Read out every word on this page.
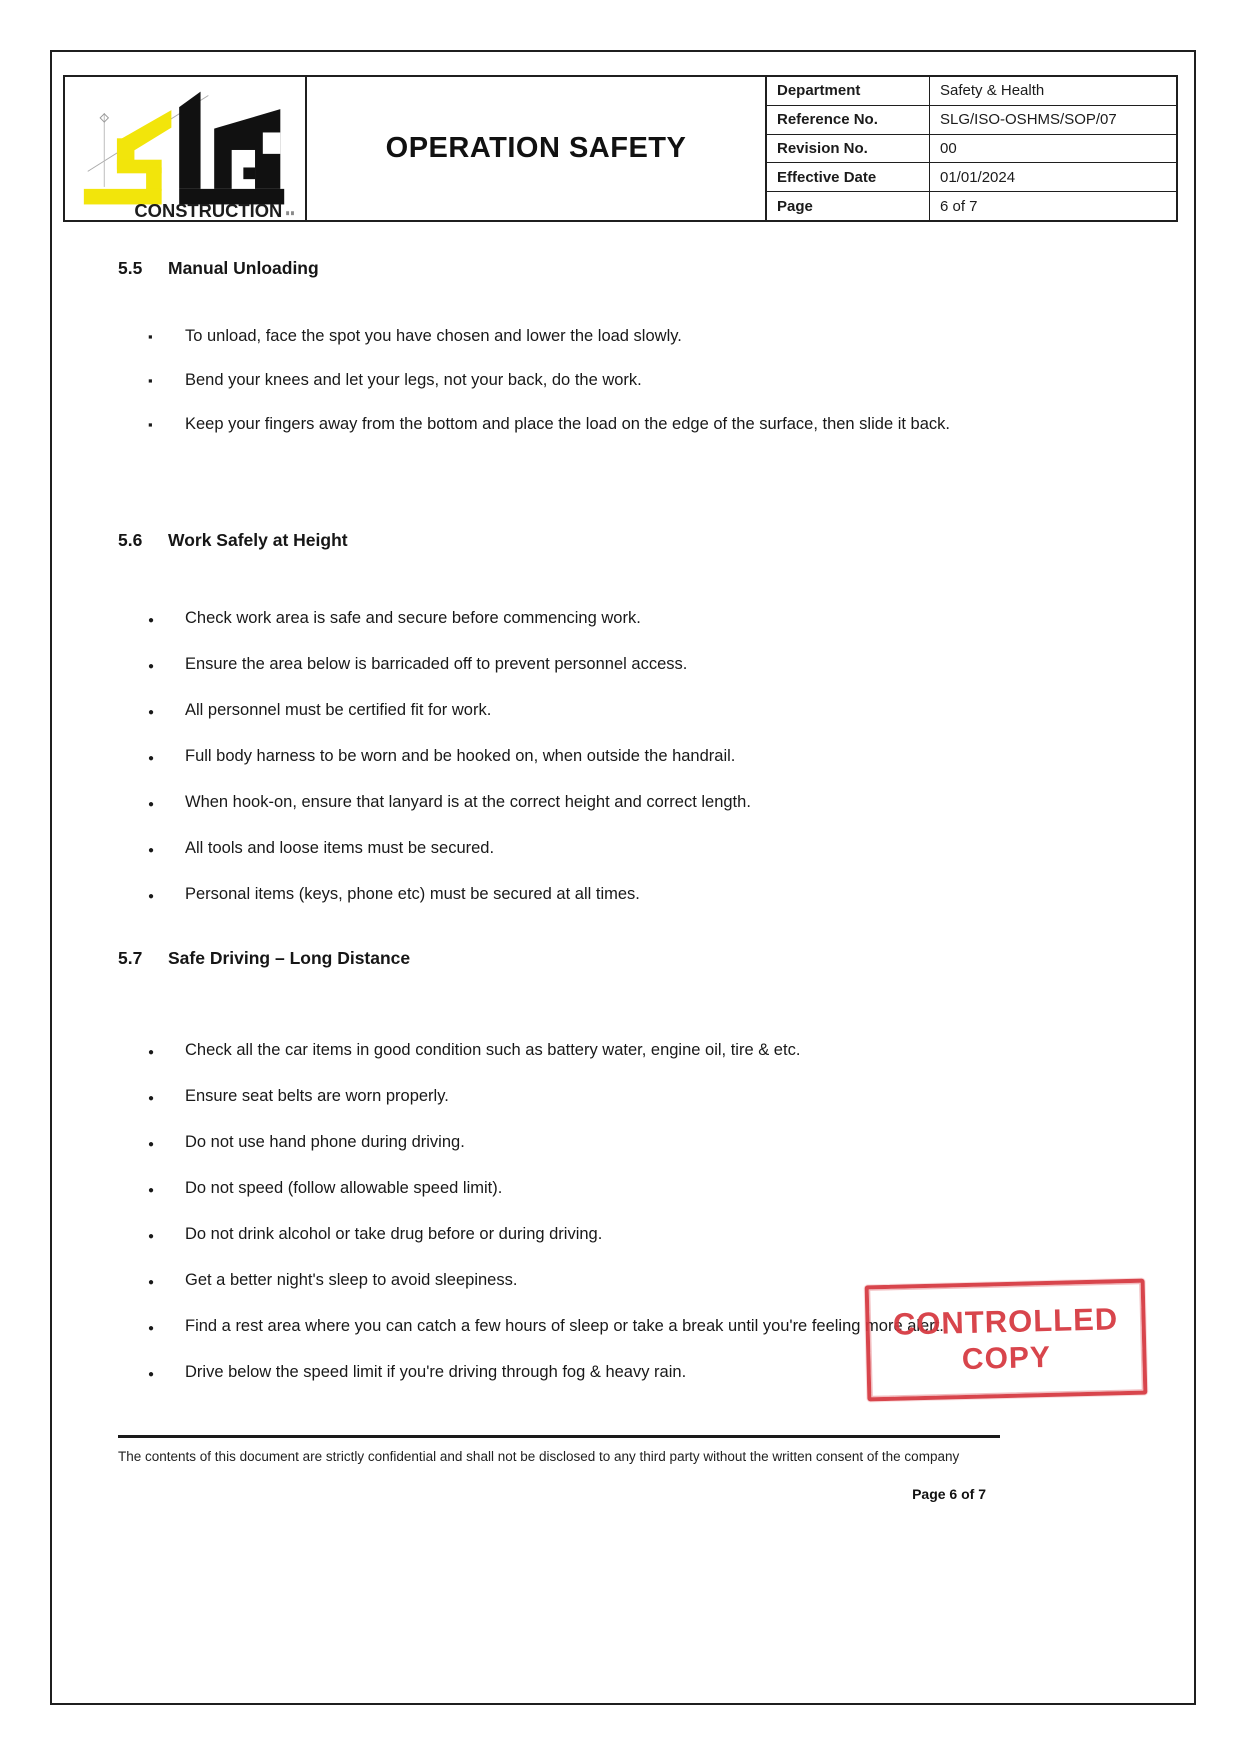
CONSTRUCTION
OPERATION SAFETY
Department	Safety & Health
Reference No.	SLG/ISO-OSHMS/SOP/07
Revision No.	00
Effective Date	01/01/2024
Page	6 of 7
5.5	Manual Unloading
▪
To unload, face the spot you have chosen and lower the load slowly.
▪
Bend your knees and let your legs, not your back, do the work.
▪
Keep your fingers away from the bottom and place the load on the edge of the surface, then slide it back.
5.6	Work Safely at Height
●
Check work area is safe and secure before commencing work.
●
Ensure the area below is barricaded off to prevent personnel access.
●
All personnel must be certified fit for work.
●
Full body harness to be worn and be hooked on, when outside the handrail.
●
When hook-on, ensure that lanyard is at the correct height and correct length.
●
All tools and loose items must be secured.
●
Personal items (keys, phone etc) must be secured at all times.
5.7	Safe Driving – Long Distance
●
Check all the car items in good condition such as battery water, engine oil, tire & etc.
●
Ensure seat belts are worn properly.
●
Do not use hand phone during driving.
●
Do not speed (follow allowable speed limit).
●
Do not drink alcohol or take drug before or during driving.
●
Get a better night's sleep to avoid sleepiness.
●
Find a rest area where you can catch a few hours of sleep or take a break until you're feeling more alert.
●
Drive below the speed limit if you're driving through fog & heavy rain.
CONTROLLED
COPY
The contents of this document are strictly confidential and shall not be disclosed to any third party without the written consent of the company
Page 6 of 7
